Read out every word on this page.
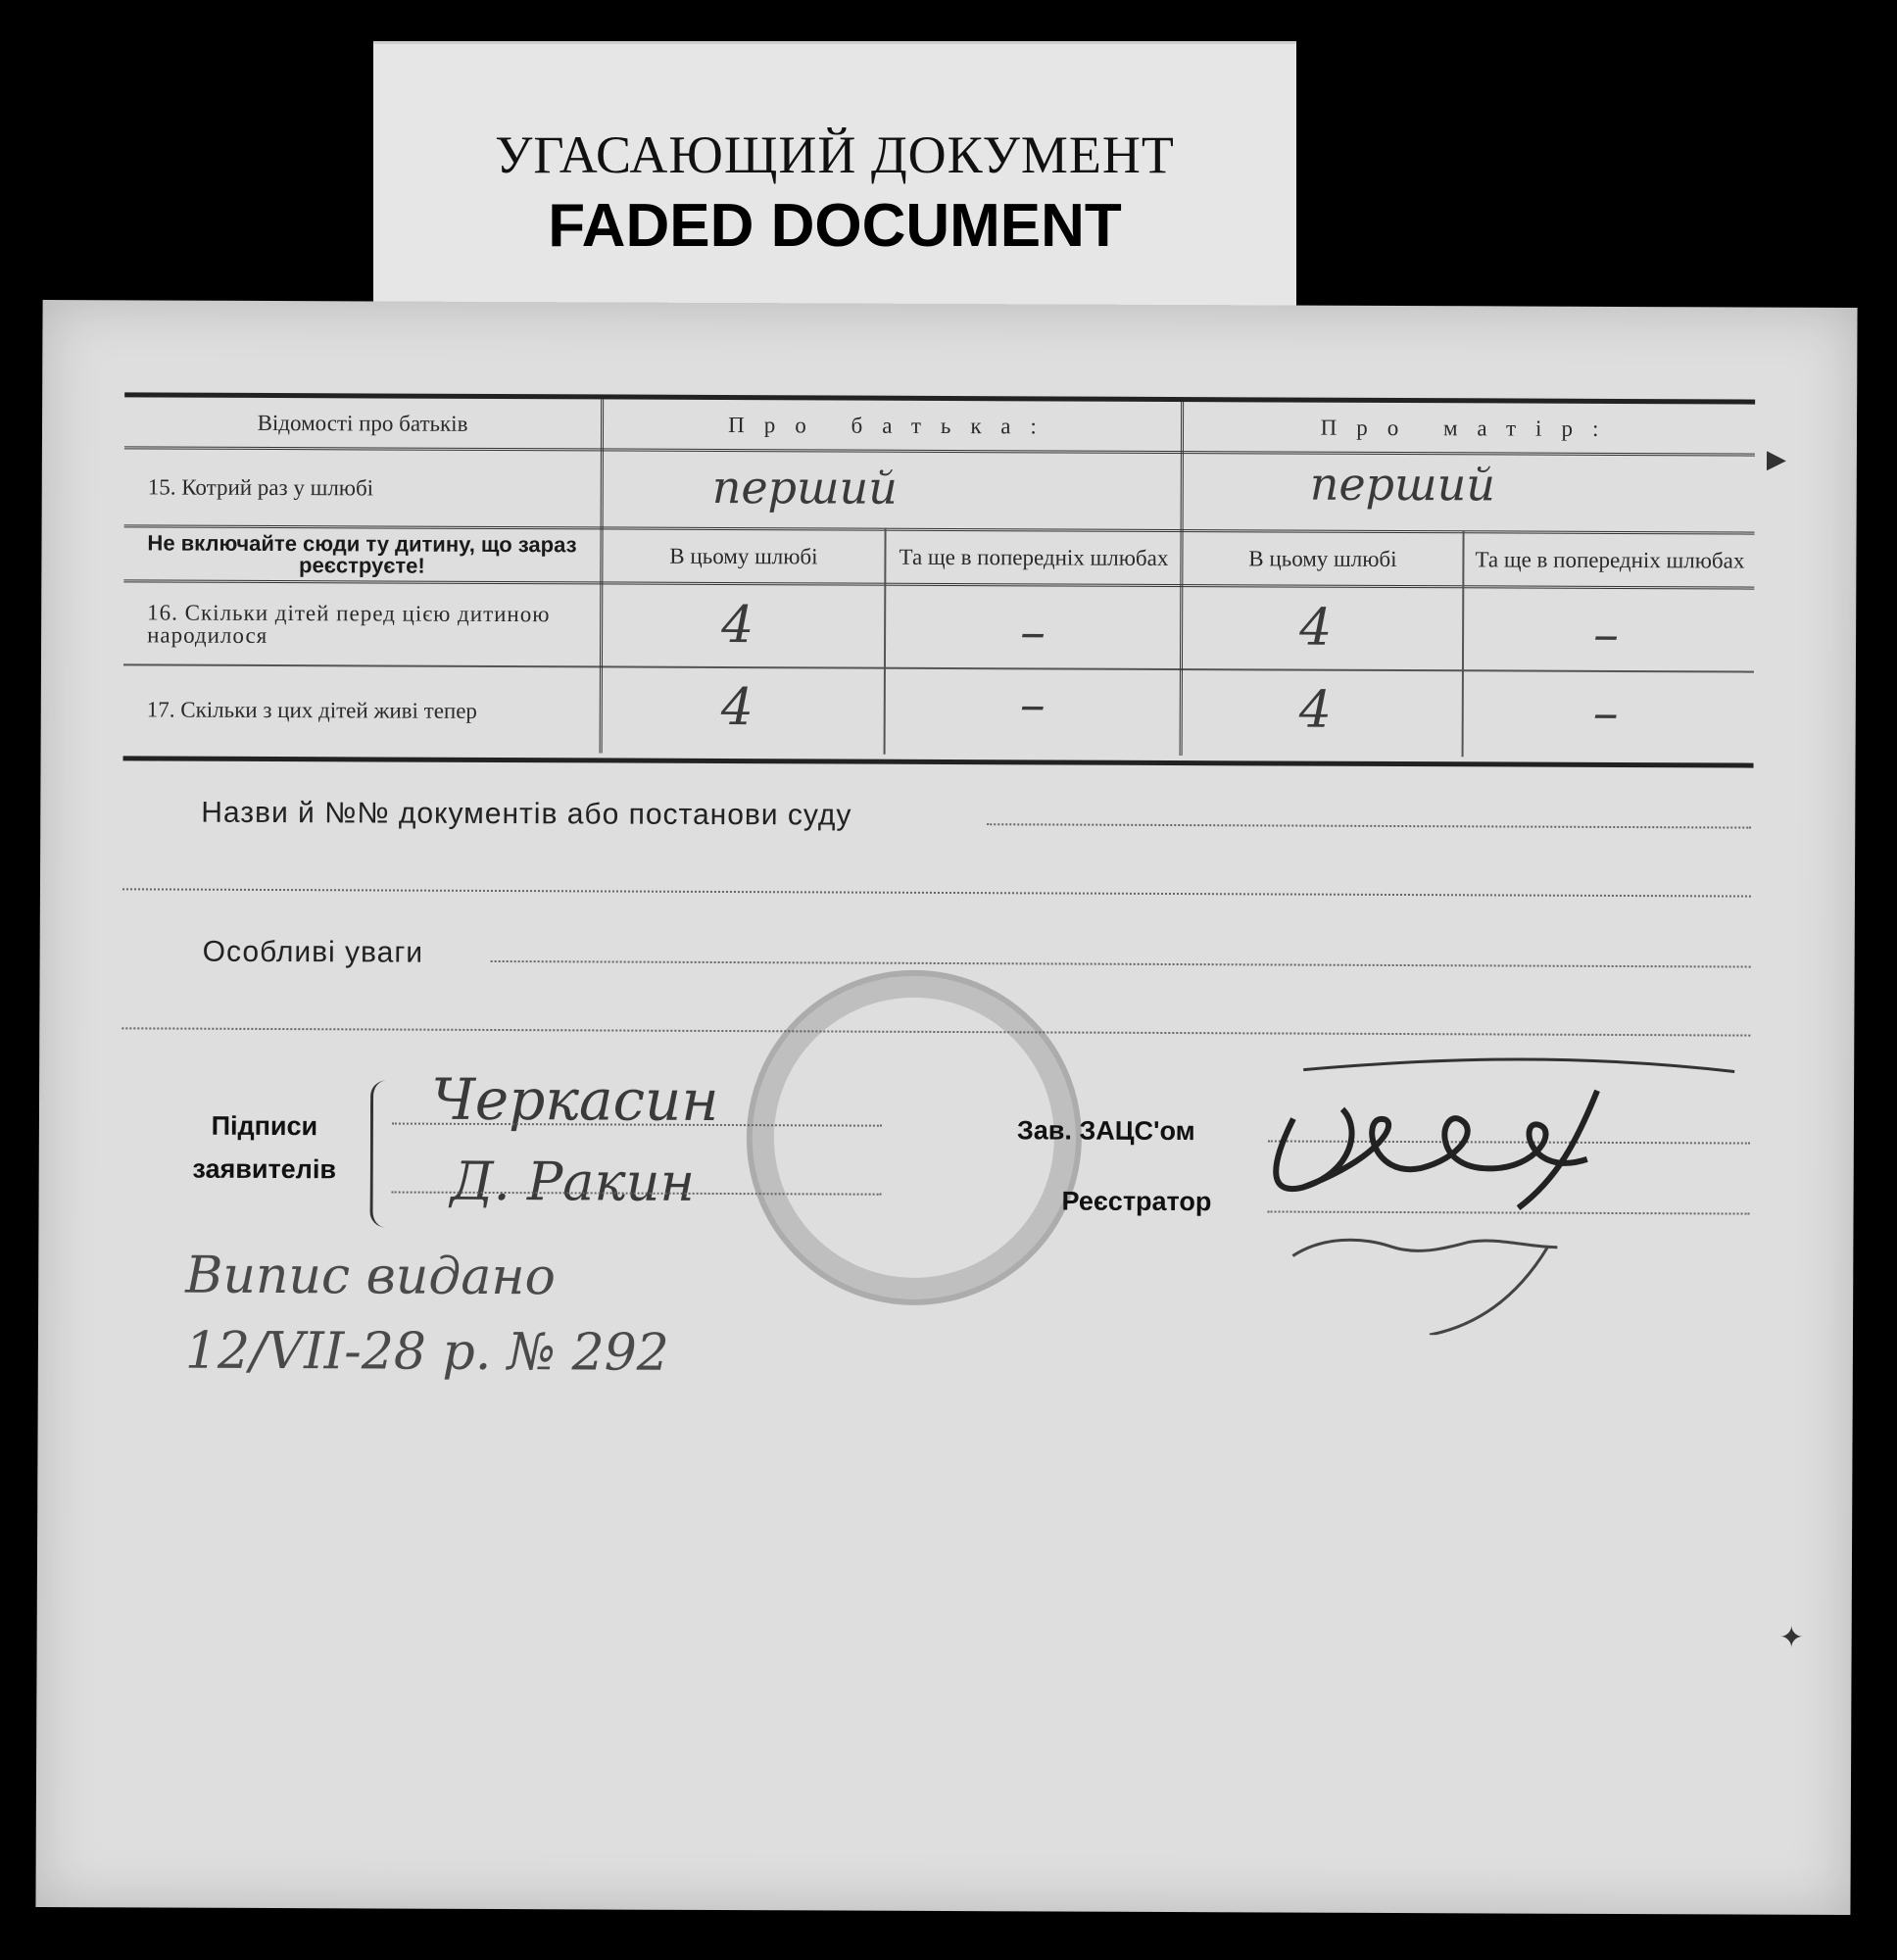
УГАСАЮЩИЙ ДОКУМЕНТ
FADED DOCUMENT
Відомості про батьків	Про батька:	Про матір:
15. Котрий раз у шлюбі	перший	перший
Не включайте сюди ту дитину, що зараз реєструєте!	В цьому шлюбі	Та ще в попередніх шлюбах	В цьому шлюбі	Та ще в попередніх шлюбах
16. Скільки дітей перед цією дитиною народилося	4	–	4	–
17. Скільки з цих дітей живі тепер	4	–	4	–
Назви й №№ документів або постанови суду
Особливі уваги
Підписи заявителів
Черкасин
Д. Ракин
Зав. ЗАЦС'ом
Реєстратор
Випис видано
12/VII-28 р. № 292
▸
✦
